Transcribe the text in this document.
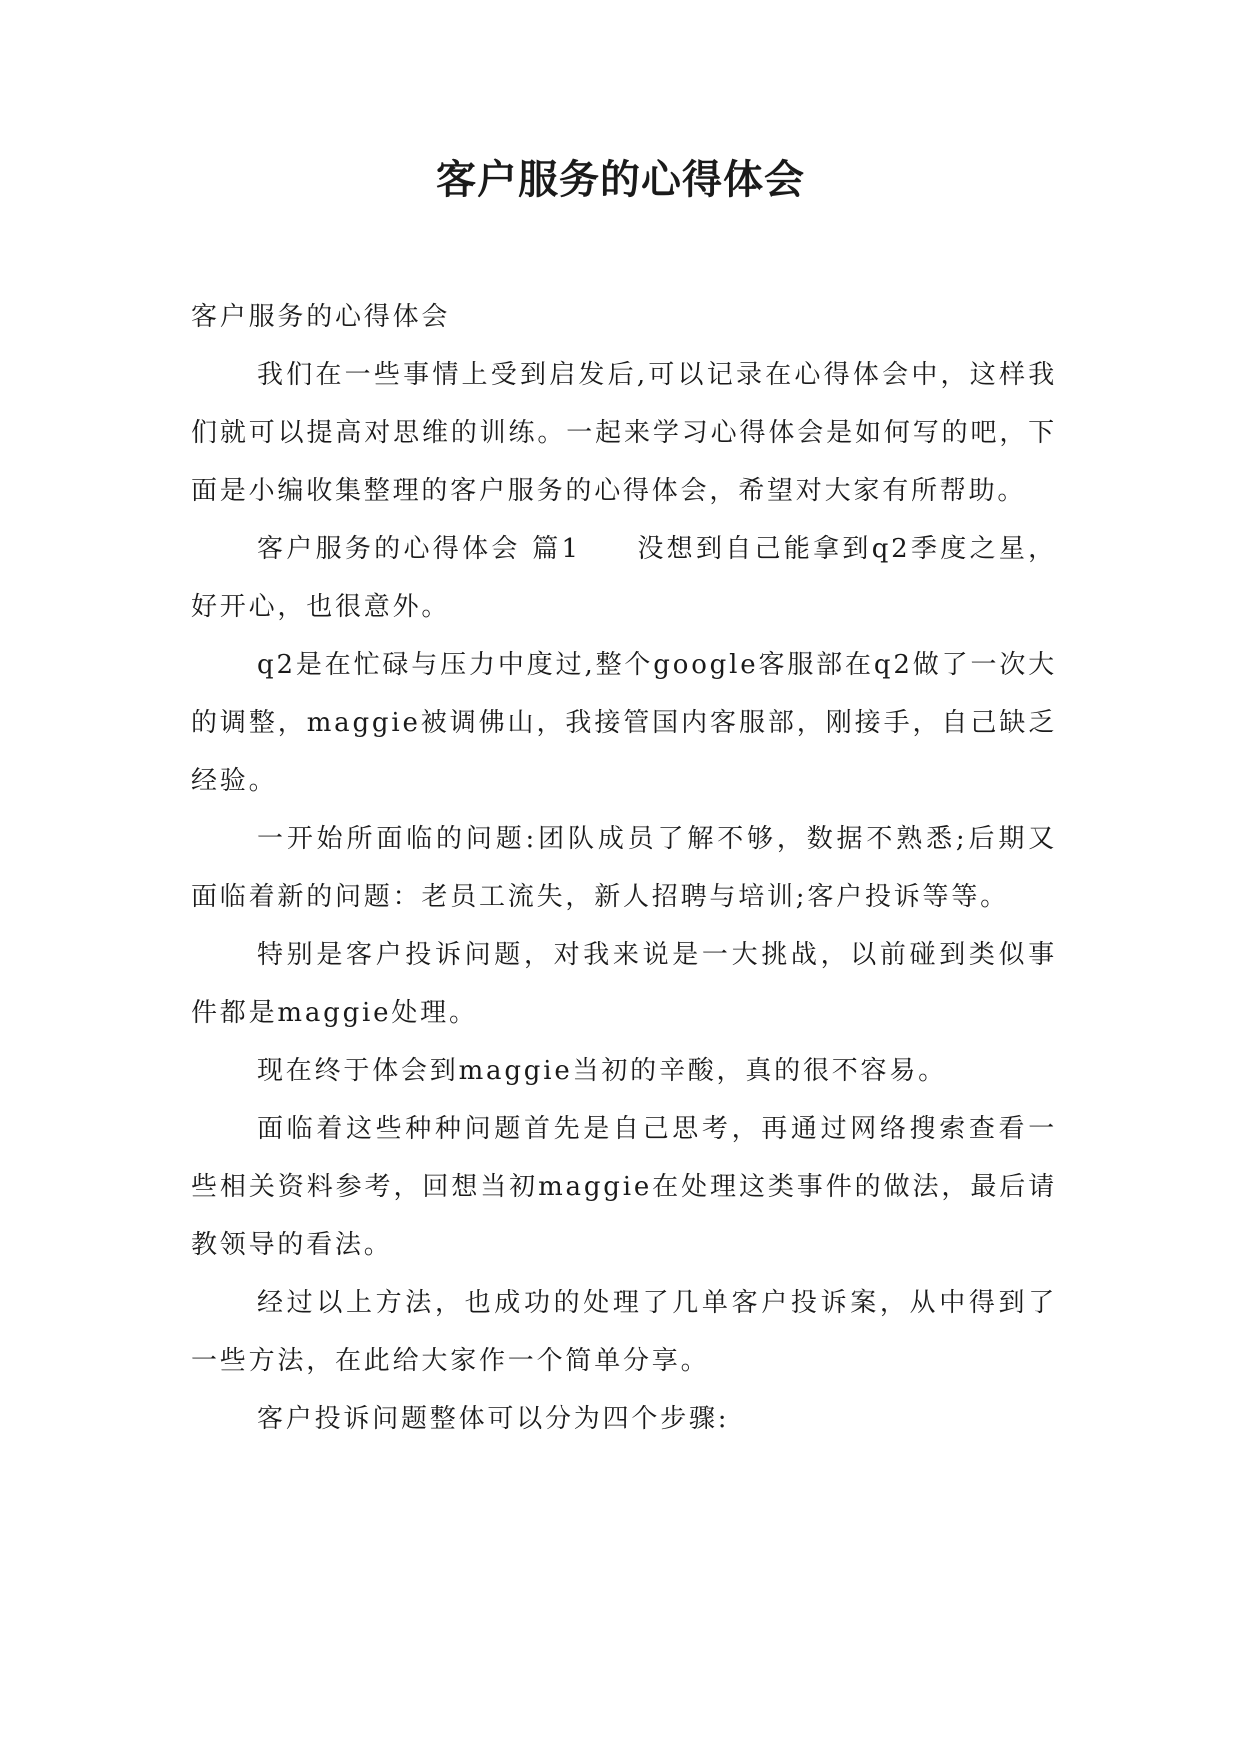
客户服务的心得体会

客户服务的心得体会

我们在一些事情上受到启发后,可以记录在心得体会中，这样我们就可以提高对思维的训练。一起来学习心得体会是如何写的吧，下面是小编收集整理的客户服务的心得体会，希望对大家有所帮助。

客户服务的心得体会 篇1 没想到自己能拿到q2季度之星，好开心，也很意外。

q2是在忙碌与压力中度过,整个google客服部在q2做了一次大的调整，maggie被调佛山，我接管国内客服部，刚接手，自己缺乏经验。

一开始所面临的问题:团队成员了解不够，数据不熟悉;后期又面临着新的问题：老员工流失，新人招聘与培训;客户投诉等等。

特别是客户投诉问题，对我来说是一大挑战，以前碰到类似事件都是maggie处理。

现在终于体会到maggie当初的辛酸，真的很不容易。

面临着这些种种问题首先是自己思考，再通过网络搜索查看一些相关资料参考，回想当初maggie在处理这类事件的做法，最后请教领导的看法。

经过以上方法，也成功的处理了几单客户投诉案，从中得到了一些方法，在此给大家作一个简单分享。

客户投诉问题整体可以分为四个步骤:
